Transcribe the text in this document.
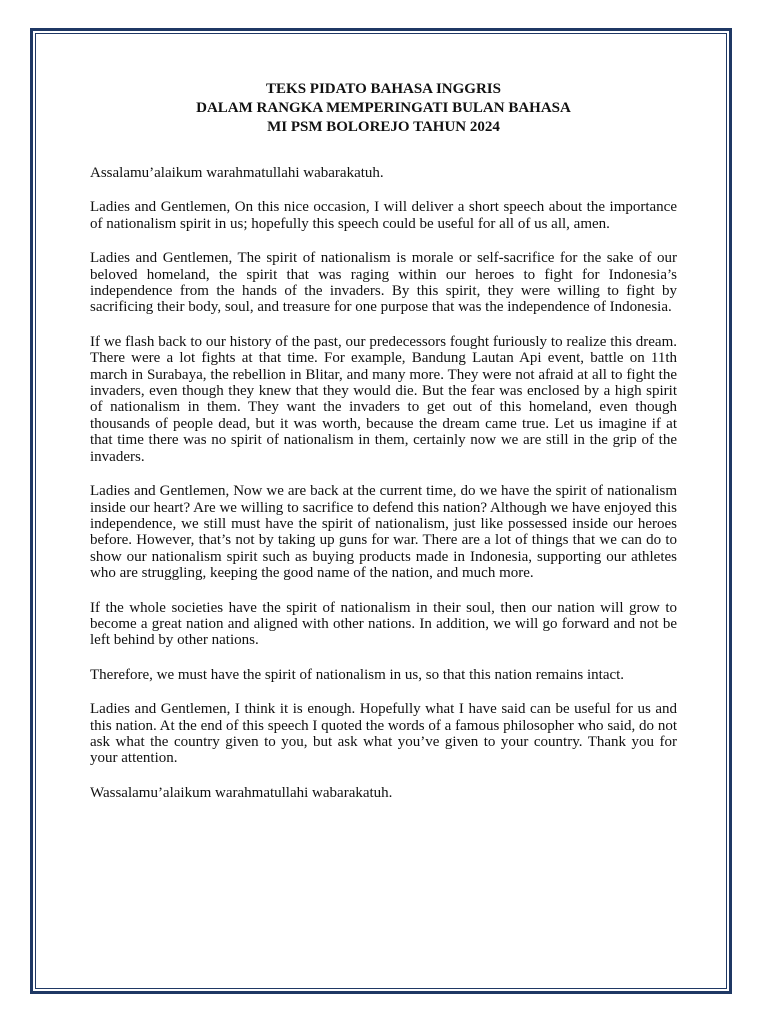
TEKS PIDATO BAHASA INGGRIS

DALAM RANGKA MEMPERINGATI BULAN BAHASA

MI PSM BOLOREJO TAHUN 2024

Assalamu’alaikum warahmatullahi wabarakatuh.

Ladies and Gentlemen, On this nice occasion, I will deliver a short speech about the importance of nationalism spirit in us; hopefully this speech could be useful for all of us all, amen.

Ladies and Gentlemen, The spirit of nationalism is morale or self-sacrifice for the sake of our beloved homeland, the spirit that was raging within our heroes to fight for Indonesia’s independence from the hands of the invaders. By this spirit, they were willing to fight by sacrificing their body, soul, and treasure for one purpose that was the independence of Indonesia.

If we flash back to our history of the past, our predecessors fought furiously to realize this dream. There were a lot fights at that time. For example, Bandung Lautan Api event, battle on 11th march in Surabaya, the rebellion in Blitar, and many more. They were not afraid at all to fight the invaders, even though they knew that they would die. But the fear was enclosed by a high spirit of nationalism in them. They want the invaders to get out of this homeland, even though thousands of people dead, but it was worth, because the dream came true. Let us imagine if at that time there was no spirit of nationalism in them, certainly now we are still in the grip of the invaders.

Ladies and Gentlemen, Now we are back at the current time, do we have the spirit of nationalism inside our heart? Are we willing to sacrifice to defend this nation? Although we have enjoyed this independence, we still must have the spirit of nationalism, just like possessed inside our heroes before. However, that’s not by taking up guns for war. There are a lot of things that we can do to show our nationalism spirit such as buying products made in Indonesia, supporting our athletes who are struggling, keeping the good name of the nation, and much more.

If the whole societies have the spirit of nationalism in their soul, then our nation will grow to become a great nation and aligned with other nations. In addition, we will go forward and not be left behind by other nations.

Therefore, we must have the spirit of nationalism in us, so that this nation remains intact.

Ladies and Gentlemen, I think it is enough. Hopefully what I have said can be useful for us and this nation. At the end of this speech I quoted the words of a famous philosopher who said, do not ask what the country given to you, but ask what you’ve given to your country. Thank you for your attention.

Wassalamu’alaikum warahmatullahi wabarakatuh.
